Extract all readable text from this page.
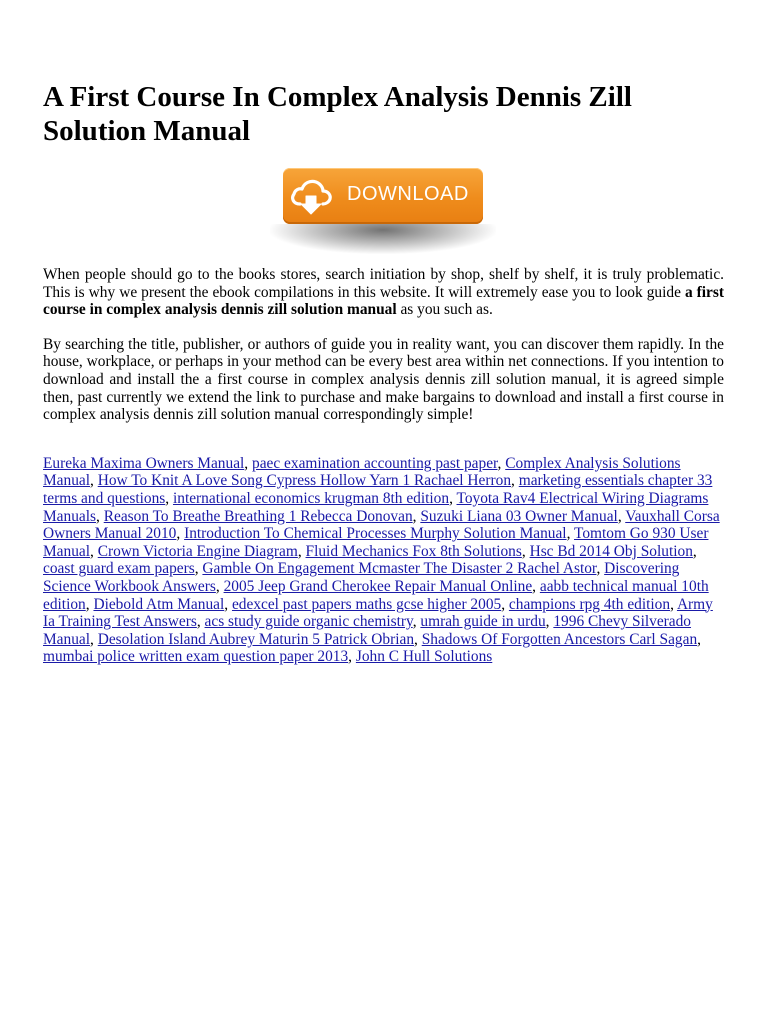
A First Course In Complex Analysis Dennis Zill Solution Manual
DOWNLOAD

When people should go to the books stores, search initiation by shop, shelf by shelf, it is truly problematic. This is why we present the ebook compilations in this website. It will extremely ease you to look guide a first course in complex analysis dennis zill solution manual as you such as.

By searching the title, publisher, or authors of guide you in reality want, you can discover them rapidly. In the house, workplace, or perhaps in your method can be every best area within net connections. If you intention to download and install the a first course in complex analysis dennis zill solution manual, it is agreed simple then, past currently we extend the link to purchase and make bargains to download and install a first course in complex analysis dennis zill solution manual correspondingly simple!

Eureka Maxima Owners Manual, paec examination accounting past paper, Complex Analysis Solutions Manual, How To Knit A Love Song Cypress Hollow Yarn 1 Rachael Herron, marketing essentials chapter 33 terms and questions, international economics krugman 8th edition, Toyota Rav4 Electrical Wiring Diagrams Manuals, Reason To Breathe Breathing 1 Rebecca Donovan, Suzuki Liana 03 Owner Manual, Vauxhall Corsa Owners Manual 2010, Introduction To Chemical Processes Murphy Solution Manual, Tomtom Go 930 User Manual, Crown Victoria Engine Diagram, Fluid Mechanics Fox 8th Solutions, Hsc Bd 2014 Obj Solution, coast guard exam papers, Gamble On Engagement Mcmaster The Disaster 2 Rachel Astor, Discovering Science Workbook Answers, 2005 Jeep Grand Cherokee Repair Manual Online, aabb technical manual 10th edition, Diebold Atm Manual, edexcel past papers maths gcse higher 2005, champions rpg 4th edition, Army Ia Training Test Answers, acs study guide organic chemistry, umrah guide in urdu, 1996 Chevy Silverado Manual, Desolation Island Aubrey Maturin 5 Patrick Obrian, Shadows Of Forgotten Ancestors Carl Sagan, mumbai police written exam question paper 2013, John C Hull Solutions
